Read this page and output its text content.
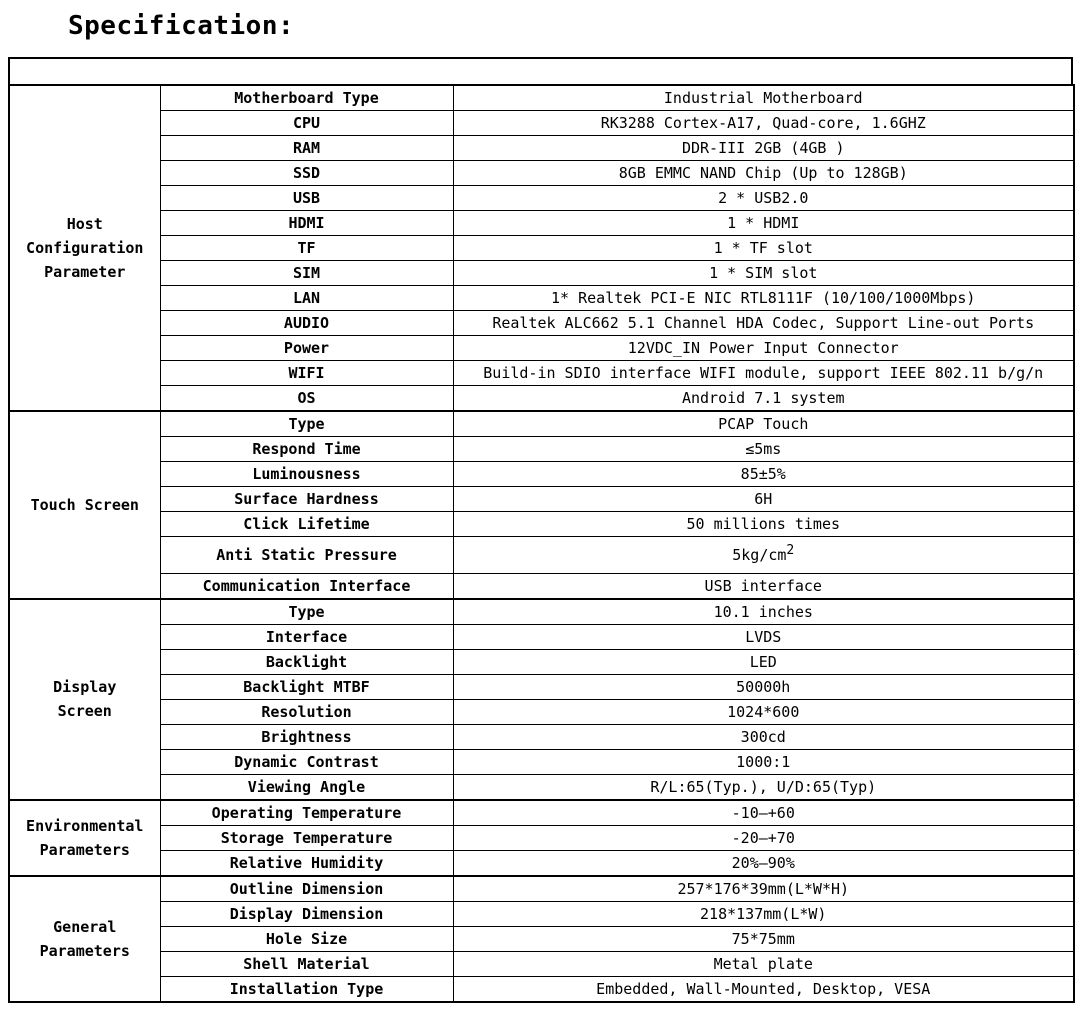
Specification:
Host
Configuration
Parameter	Motherboard Type	Industrial Motherboard
	CPU	RK3288 Cortex-A17, Quad-core, 1.6GHZ
	RAM	DDR-III 2GB (4GB )
	SSD	8GB EMMC NAND Chip (Up to 128GB)
	USB	2 * USB2.0
	HDMI	1 * HDMI
	TF	1 * TF slot
	SIM	1 * SIM slot
	LAN	1* Realtek PCI-E NIC RTL8111F (10/100/1000Mbps)
	AUDIO	Realtek ALC662 5.1 Channel HDA Codec, Support Line-out Ports
	Power	12VDC_IN Power Input Connector
	WIFI	Build-in SDIO interface WIFI module, support IEEE 802.11 b/g/n
	OS	Android 7.1 system

Touch Screen	Type	PCAP Touch
	Respond Time	≤5ms
	Luminousness	85±5%
	Surface Hardness	6H
	Click Lifetime	50 millions times
	Anti Static Pressure	$5kg/cm^2$
	Communication Interface	USB interface

Display
Screen	Type	10.1 inches
	Interface	LVDS
	Backlight	LED
	Backlight MTBF	50000h
	Resolution	1024*600
	Brightness	300cd
	Dynamic Contrast	1000:1
	Viewing Angle	R/L:65(Typ.), U/D:65(Typ)

Environmental
Parameters	Operating Temperature	-10—+60
	Storage Temperature	-20—+70
	Relative Humidity	20%—90%

General
Parameters	Outline Dimension	257*176*39mm(L*W*H)
	Display Dimension	218*137mm(L*W)
	Hole Size	75*75mm
	Shell Material	Metal plate
	Installation Type	Embedded, Wall-Mounted, Desktop, VESA
